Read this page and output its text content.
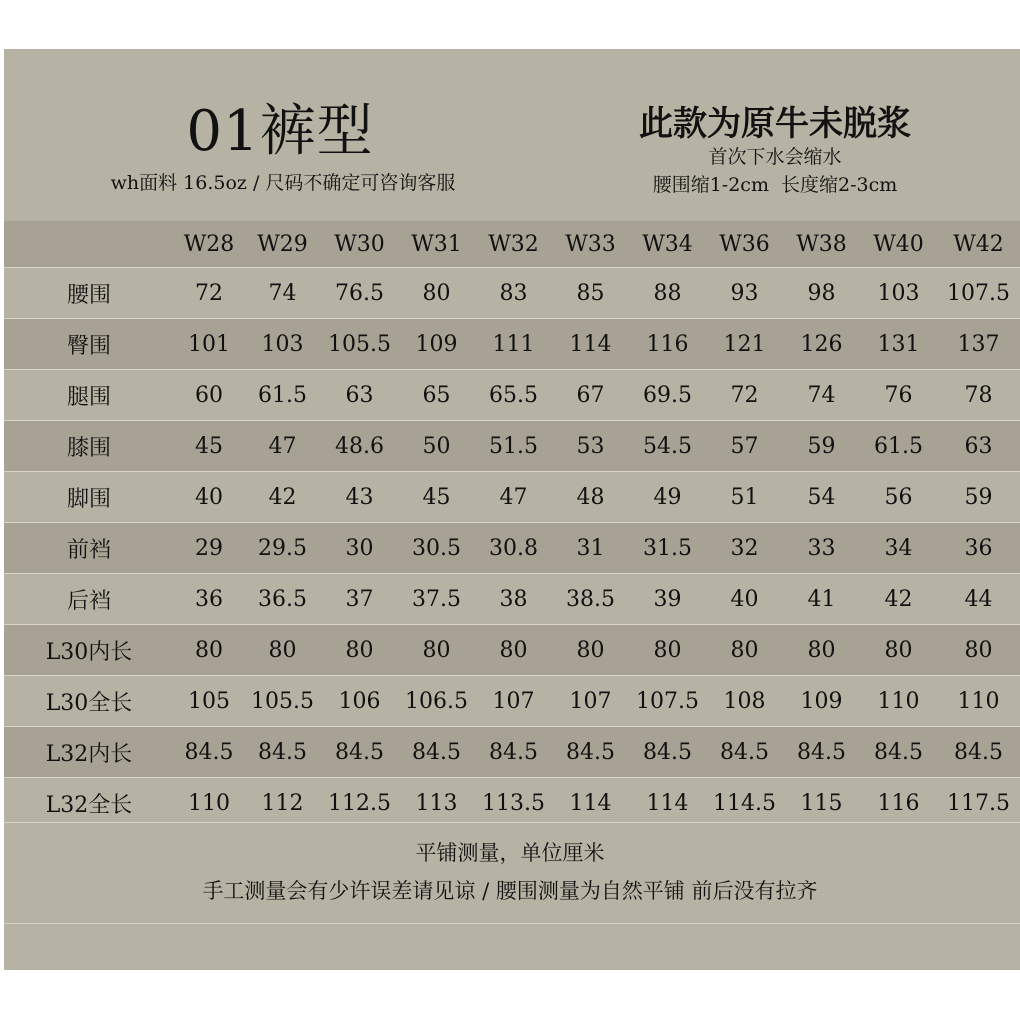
01裤型
wh面料 16.5oz / 尺码不确定可咨询客服
此款为原牛未脱浆
首次下水会缩水
腰围缩1-2cm  长度缩2-3cm
	W28	W29	W30	W31	W32	W33	W34	W36	W38	W40	W42
腰围	72	74	76.5	80	83	85	88	93	98	103	107.5
臀围	101	103	105.5	109	111	114	116	121	126	131	137
腿围	60	61.5	63	65	65.5	67	69.5	72	74	76	78
膝围	45	47	48.6	50	51.5	53	54.5	57	59	61.5	63
脚围	40	42	43	45	47	48	49	51	54	56	59
前裆	29	29.5	30	30.5	30.8	31	31.5	32	33	34	36
后裆	36	36.5	37	37.5	38	38.5	39	40	41	42	44
L30内长	80	80	80	80	80	80	80	80	80	80	80
L30全长	105	105.5	106	106.5	107	107	107.5	108	109	110	110
L32内长	84.5	84.5	84.5	84.5	84.5	84.5	84.5	84.5	84.5	84.5	84.5
L32全长	110	112	112.5	113	113.5	114	114	114.5	115	116	117.5
平铺测量，单位厘米
手工测量会有少许误差请见谅 / 腰围测量为自然平铺 前后没有拉齐
